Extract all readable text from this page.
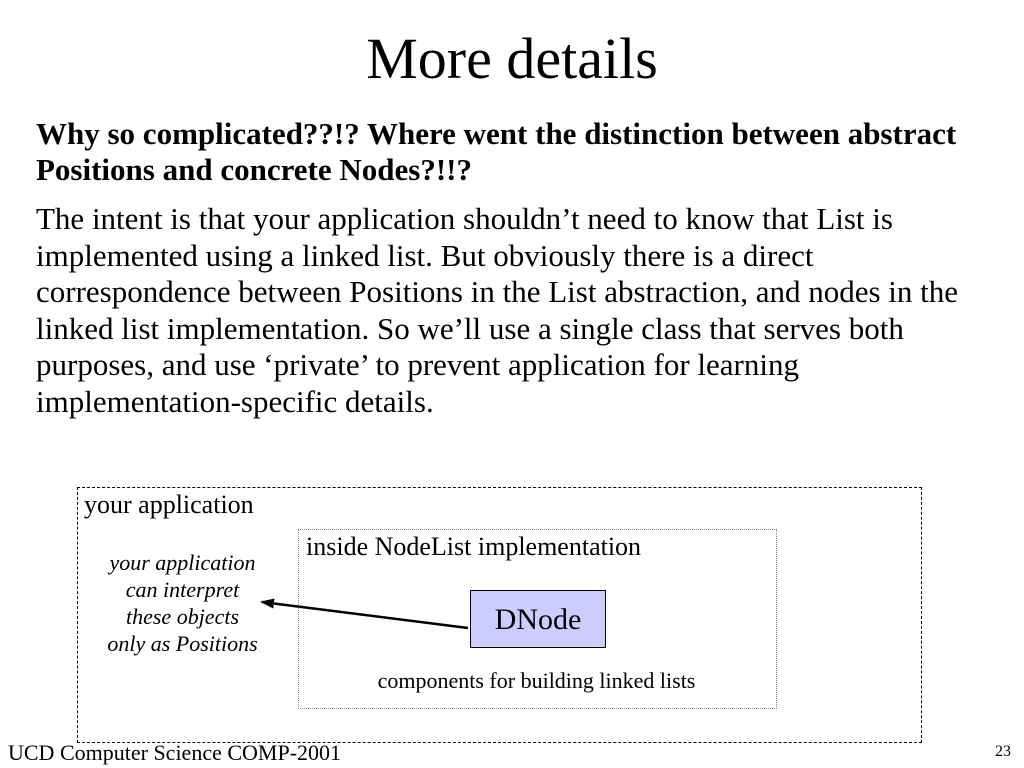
More details
Why so complicated??!? Where went the distinction between abstract Positions and concrete Nodes?!!?
The intent is that your application shouldn’t need to know that List is implemented using a linked list. But obviously there is a direct correspondence between Positions in the List abstraction, and nodes in the linked list implementation. So we’ll use a single class that serves both purposes, and use ‘private’ to prevent application for learning implementation-specific details.
your application
inside NodeList implementation
your application
can interpret
these objects
only as Positions
DNode
components for building linked lists
UCD Computer Science COMP-2001	23
